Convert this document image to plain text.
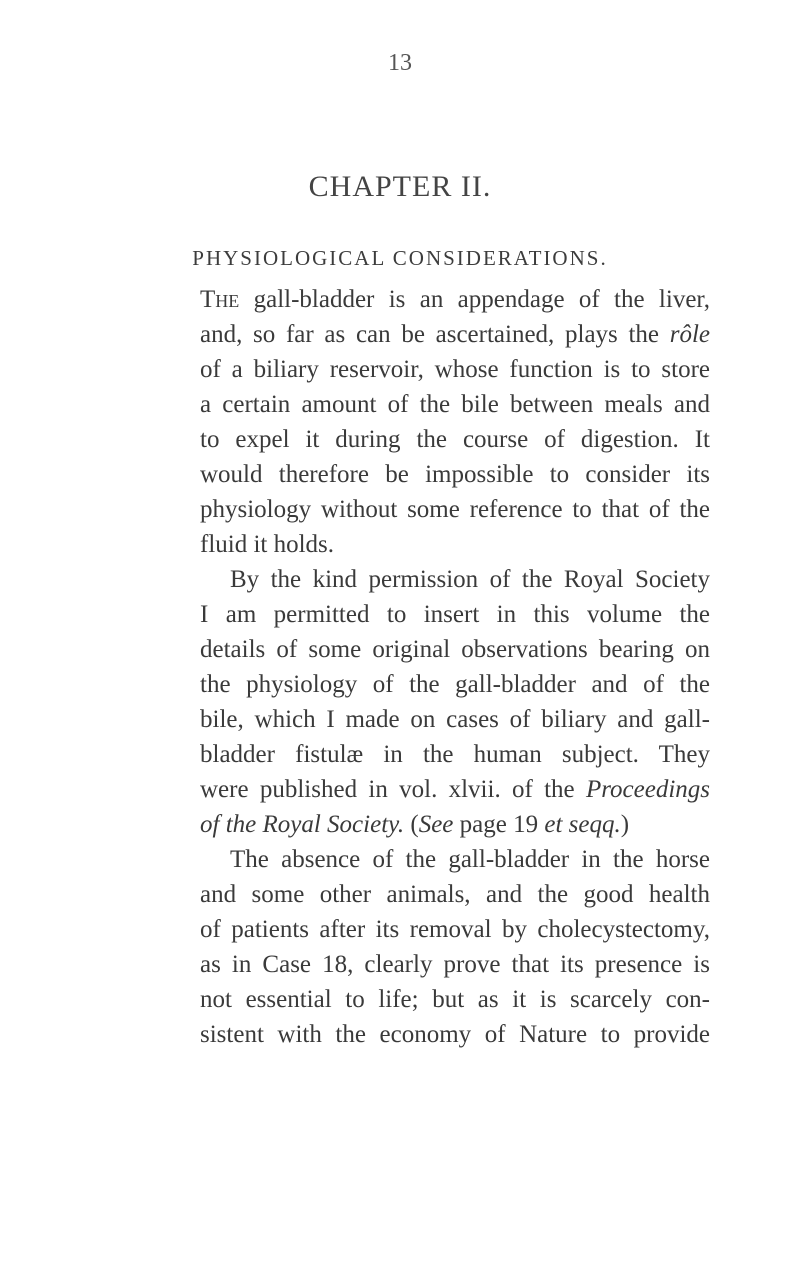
13
CHAPTER II.
PHYSIOLOGICAL CONSIDERATIONS.
The gall-bladder is an appendage of the liver,
and, so far as can be ascertained, plays the rôle
of a biliary reservoir, whose function is to store
a certain amount of the bile between meals and
to expel it during the course of digestion. It
would therefore be impossible to consider its
physiology without some reference to that of the
fluid it holds.
By the kind permission of the Royal Society
I am permitted to insert in this volume the
details of some original observations bearing on
the physiology of the gall-bladder and of the
bile, which I made on cases of biliary and gall-
bladder fistulæ in the human subject. They
were published in vol. xlvii. of the Proceedings
of the Royal Society. (See page 19 et seqq.)
The absence of the gall-bladder in the horse
and some other animals, and the good health
of patients after its removal by cholecystectomy,
as in Case 18, clearly prove that its presence is
not essential to life; but as it is scarcely con-
sistent with the economy of Nature to provide
